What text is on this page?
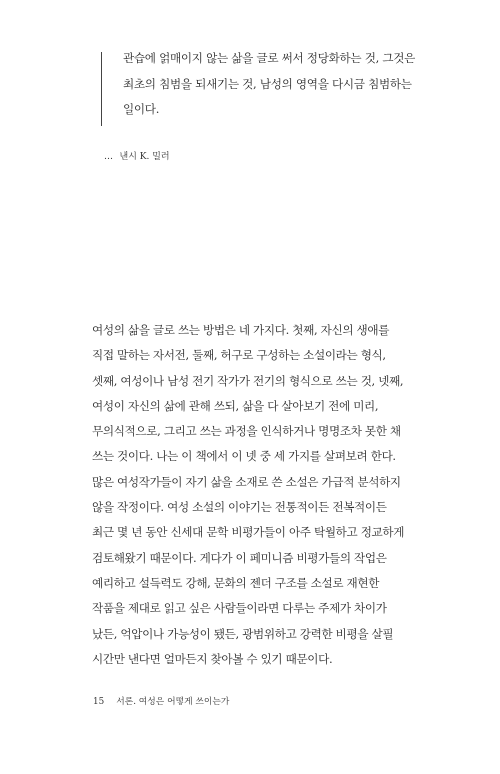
관습에 얽매이지 않는 삶을 글로 써서 정당화하는 것, 그것은
최초의 침범을 되새기는 것, 남성의 영역을 다시금 침범하는
일이다.
… 낸시 K. 밀러
여성의 삶을 글로 쓰는 방법은 네 가지다. 첫째, 자신의 생애를
직접 말하는 자서전, 둘째, 허구로 구성하는 소설이라는 형식,
셋째, 여성이나 남성 전기 작가가 전기의 형식으로 쓰는 것, 넷째,
여성이 자신의 삶에 관해 쓰되, 삶을 다 살아보기 전에 미리,
무의식적으로, 그리고 쓰는 과정을 인식하거나 명명조차 못한 채
쓰는 것이다. 나는 이 책에서 이 넷 중 세 가지를 살펴보려 한다.
많은 여성작가들이 자기 삶을 소재로 쓴 소설은 가급적 분석하지
않을 작정이다. 여성 소설의 이야기는 전통적이든 전복적이든
최근 몇 년 동안 신세대 문학 비평가들이 아주 탁월하고 정교하게
검토해왔기 때문이다. 게다가 이 페미니즘 비평가들의 작업은
예리하고 설득력도 강해, 문화의 젠더 구조를 소설로 재현한
작품을 제대로 읽고 싶은 사람들이라면 다루는 주제가 차이가
났든, 억압이나 가능성이 됐든, 광범위하고 강력한 비평을 살필
시간만 낸다면 얼마든지 찾아볼 수 있기 때문이다.
15 서론. 여성은 어떻게 쓰이는가
